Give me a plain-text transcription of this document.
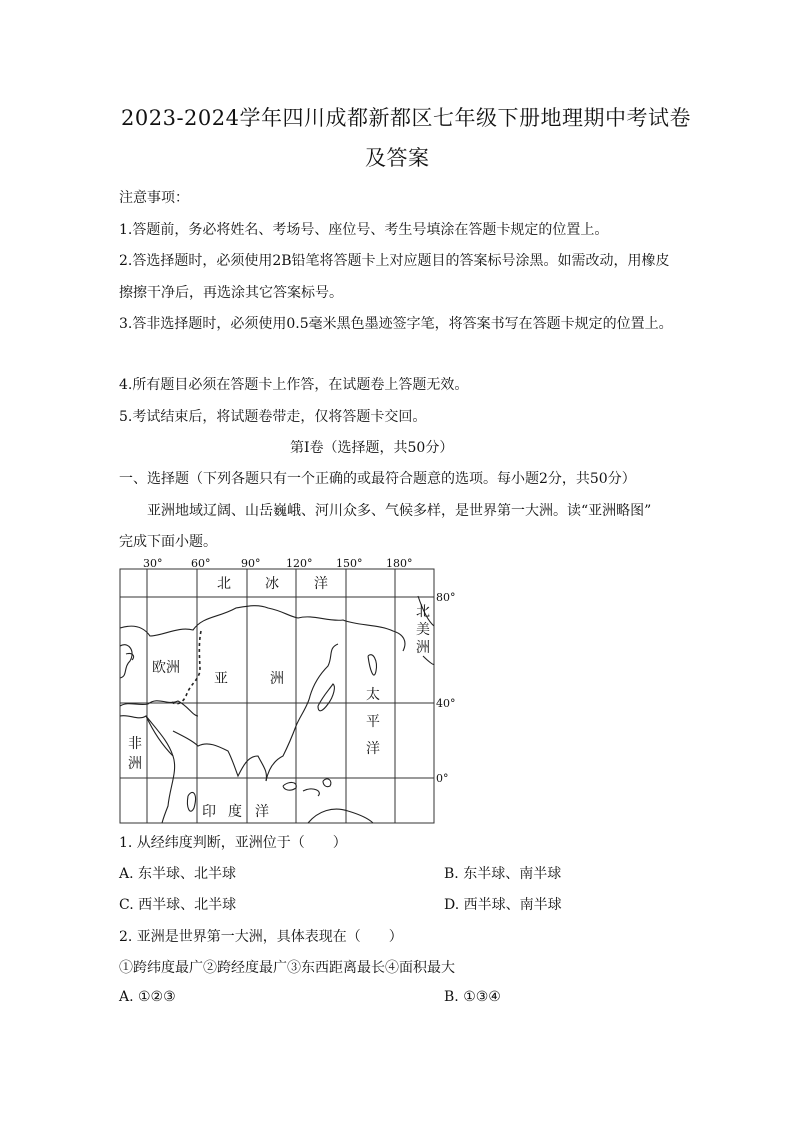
2023-2024学年四川成都新都区七年级下册地理期中考试卷
及答案
注意事项：
1.答题前，务必将姓名、考场号、座位号、考生号填涂在答题卡规定的位置上。
2.答选择题时，必须使用2B铅笔将答题卡上对应题目的答案标号涂黑。如需改动，用橡皮
擦擦干净后，再选涂其它答案标号。
3.答非选择题时，必须使用0.5毫米黑色墨迹签字笔，将答案书写在答题卡规定的位置上。
4.所有题目必须在答题卡上作答，在试题卷上答题无效。
5.考试结束后，将试题卷带走，仅将答题卡交回。
第Ⅰ卷（选择题，共50分）
一、选择题（下列各题只有一个正确的或最符合题意的选项。每小题2分，共50分）
亚洲地域辽阔、山岳巍峨、河川众多、气候多样，是世界第一大洲。读“亚洲略图”
完成下面小题。
30°	60°	90° 120° 150° 180°
80°
40°
0°
北 冰	洋
欧洲
亚	洲
太
平
洋
非
洲
北
美
洲
印 度 洋
1. 从经纬度判断，亚洲位于（　　）
A. 东半球、北半球	B. 东半球、南半球
C. 西半球、北半球	D. 西半球、南半球
2. 亚洲是世界第一大洲，具体表现在（　　）
①跨纬度最广②跨经度最广③东西距离最长④面积最大
A. ①②③	B. ①③④
